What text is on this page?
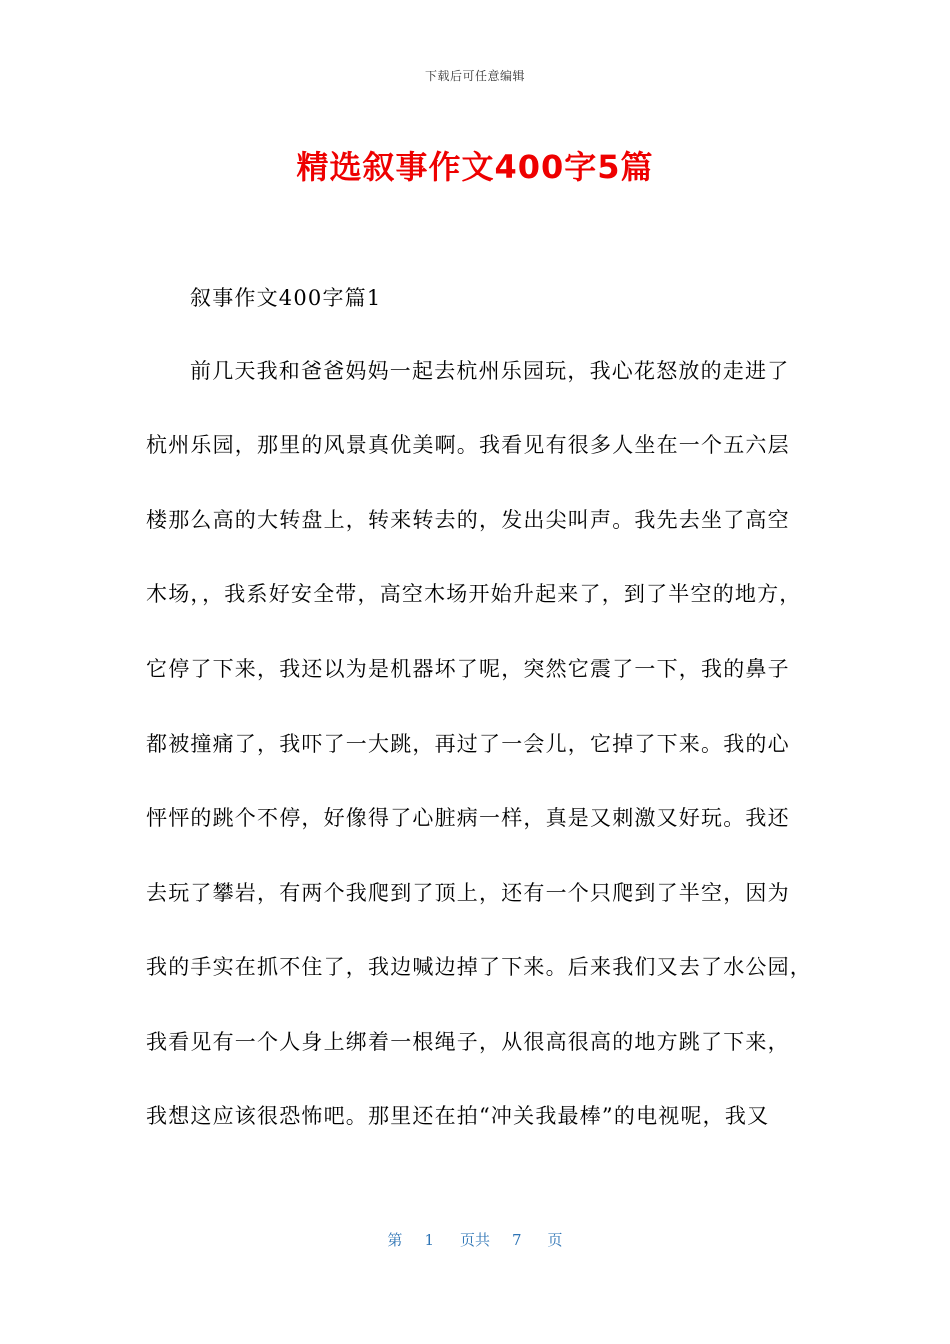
下载后可任意编辑
精选叙事作文400字5篇
叙事作文400字篇1
前几天我和爸爸妈妈一起去杭州乐园玩，我心花怒放的走进了
杭州乐园，那里的风景真优美啊。我看见有很多人坐在一个五六层
楼那么高的大转盘上，转来转去的，发出尖叫声。我先去坐了高空
木场，，我系好安全带，高空木场开始升起来了，到了半空的地方，
它停了下来，我还以为是机器坏了呢，突然它震了一下，我的鼻子
都被撞痛了，我吓了一大跳，再过了一会儿，它掉了下来。我的心
怦怦的跳个不停，好像得了心脏病一样，真是又刺激又好玩。我还
去玩了攀岩，有两个我爬到了顶上，还有一个只爬到了半空，因为
我的手实在抓不住了，我边喊边掉了下来。后来我们又去了水公园，
我看见有一个人身上绑着一根绳子，从很高很高的地方跳了下来，
我想这应该很恐怖吧。那里还在拍“冲关我最棒”的电视呢，我又
第 1 页共 7 页
